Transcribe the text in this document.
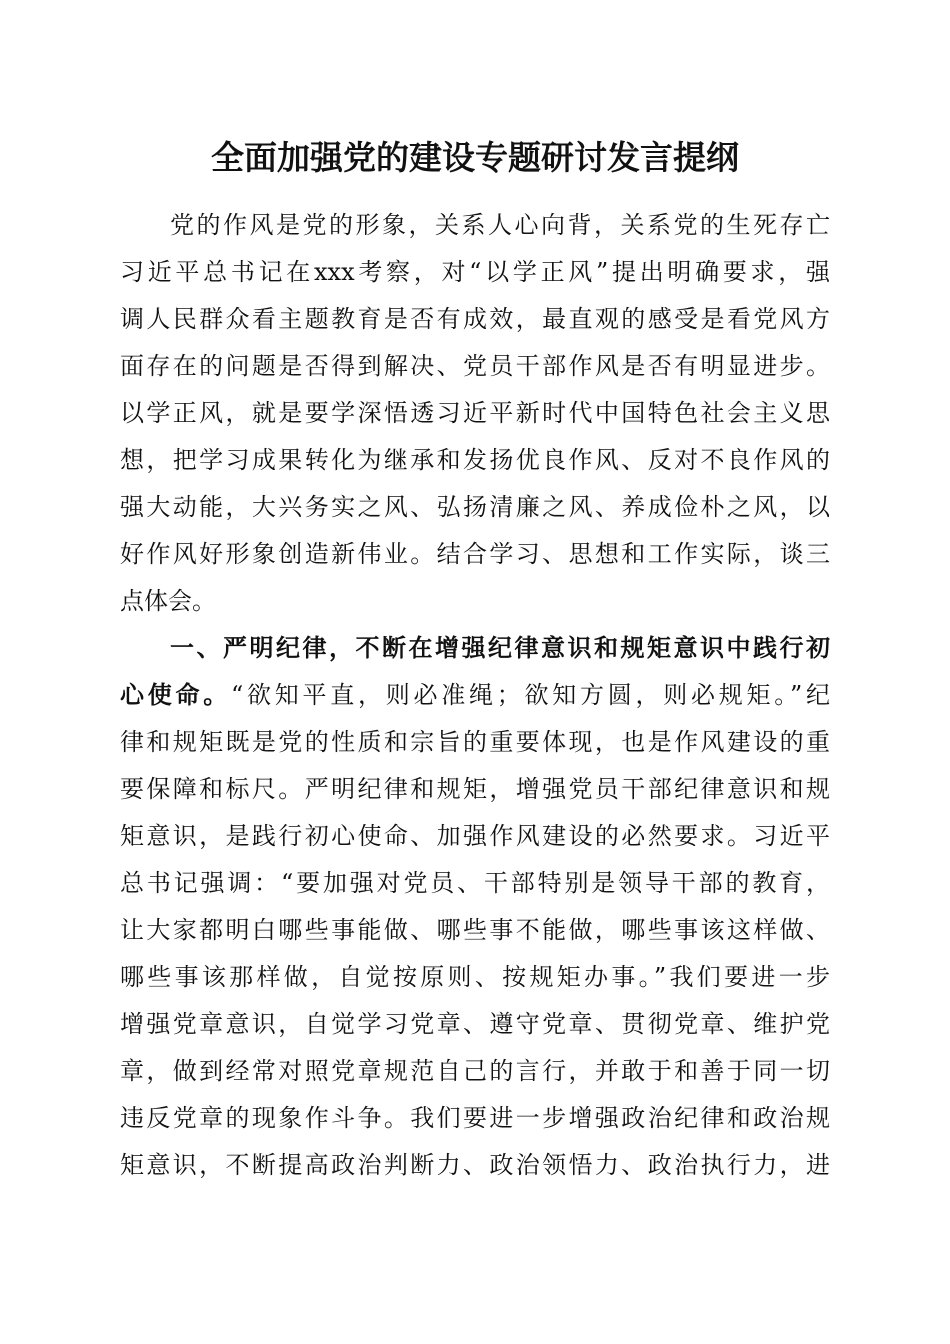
全面加强党的建设专题研讨发言提纲
党的作风是党的形象，关系人心向背，关系党的生死存亡
习近平总书记在xxx考察，对“以学正风”提出明确要求，强
调人民群众看主题教育是否有成效，最直观的感受是看党风方
面存在的问题是否得到解决、党员干部作风是否有明显进步。
以学正风，就是要学深悟透习近平新时代中国特色社会主义思
想，把学习成果转化为继承和发扬优良作风、反对不良作风的
强大动能，大兴务实之风、弘扬清廉之风、养成俭朴之风，以
好作风好形象创造新伟业。结合学习、思想和工作实际，谈三
点体会。
一、严明纪律，不断在增强纪律意识和规矩意识中践行初
心使命。“欲知平直，则必准绳；欲知方圆，则必规矩。”纪
律和规矩既是党的性质和宗旨的重要体现，也是作风建设的重
要保障和标尺。严明纪律和规矩，增强党员干部纪律意识和规
矩意识，是践行初心使命、加强作风建设的必然要求。习近平
总书记强调：“要加强对党员、干部特别是领导干部的教育，
让大家都明白哪些事能做、哪些事不能做，哪些事该这样做、
哪些事该那样做，自觉按原则、按规矩办事。”我们要进一步
增强党章意识，自觉学习党章、遵守党章、贯彻党章、维护党
章，做到经常对照党章规范自己的言行，并敢于和善于同一切
违反党章的现象作斗争。我们要进一步增强政治纪律和政治规
矩意识，不断提高政治判断力、政治领悟力、政治执行力，进
